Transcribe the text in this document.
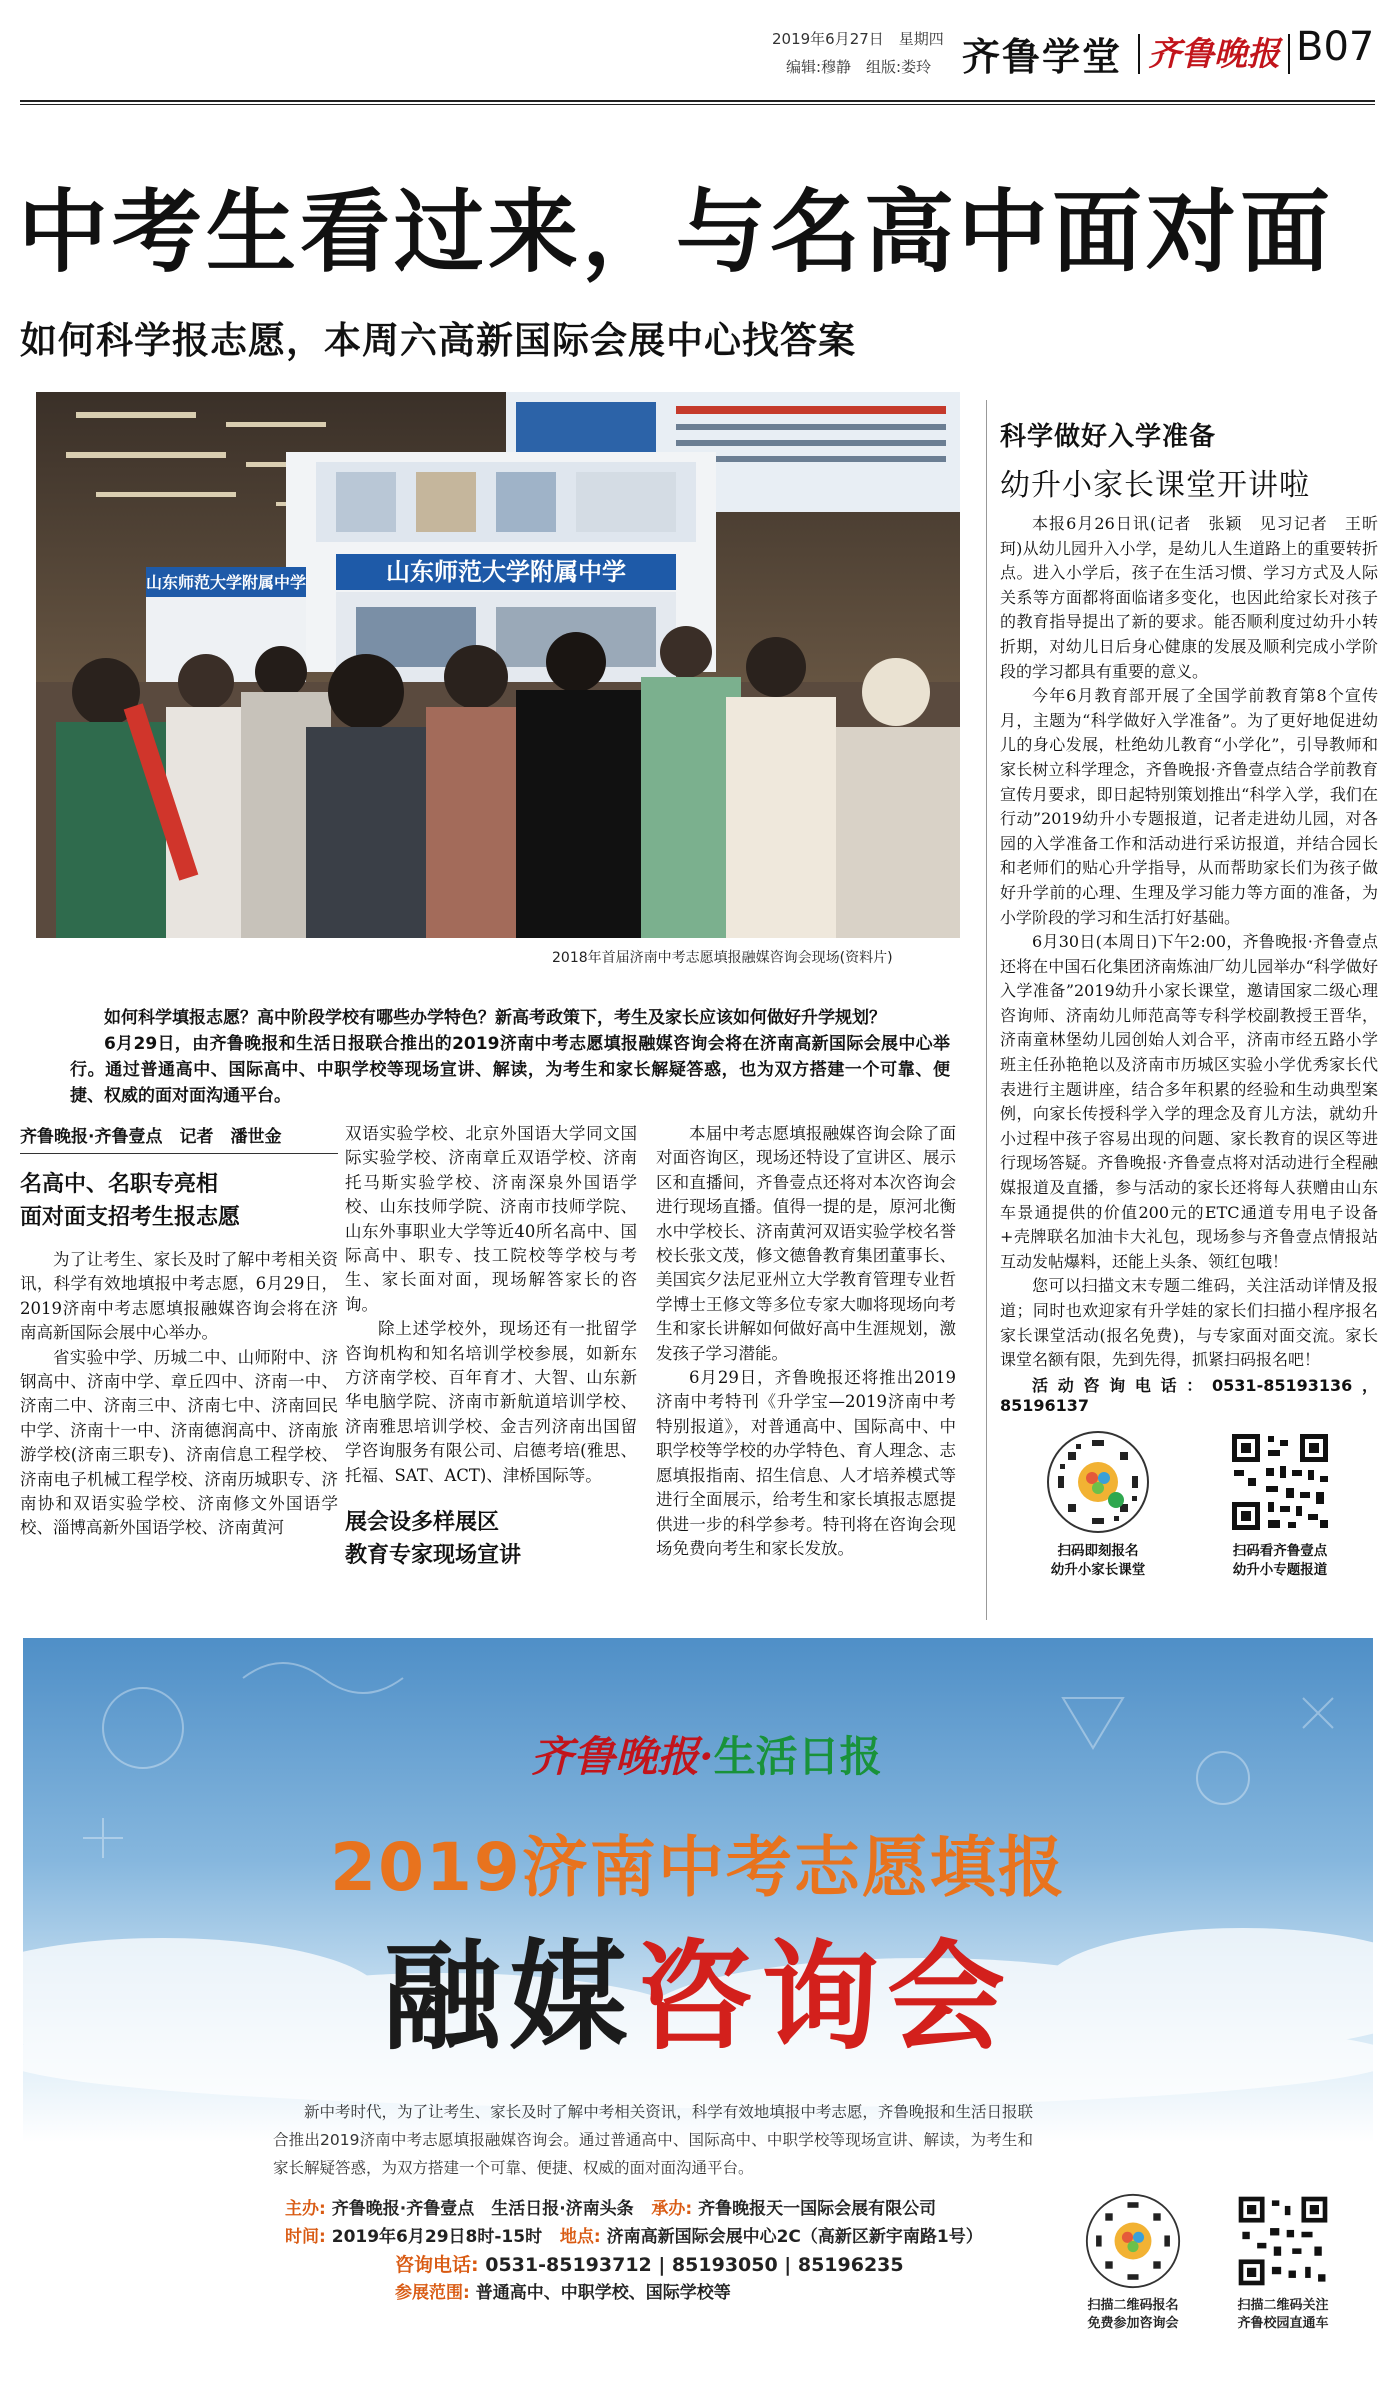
2019年6月27日　星期四
编辑:穆静　组版:娄玲 齐鲁学堂 齐鲁晚报 B07
中考生看过来，与名高中面对面
如何科学报志愿，本周六高新国际会展中心找答案
山东师范大学附属中学
山东师范大学附属中学
2018年首届济南中考志愿填报融媒咨询会现场(资料片)

如何科学填报志愿？高中阶段学校有哪些办学特色？新高考政策下，考生及家长应该如何做好升学规划？

6月29日，由齐鲁晚报和生活日报联合推出的2019济南中考志愿填报融媒咨询会将在济南高新国际会展中心举行。通过普通高中、国际高中、中职学校等现场宣讲、解读，为考生和家长解疑答惑，也为双方搭建一个可靠、便捷、权威的面对面沟通平台。

齐鲁晚报·齐鲁壹点　记者　潘世金
名高中、名职专亮相
面对面支招考生报志愿

为了让考生、家长及时了解中考相关资讯，科学有效地填报中考志愿，6月29日，2019济南中考志愿填报融媒咨询会将在济南高新国际会展中心举办。

省实验中学、历城二中、山师附中、济钢高中、济南中学、章丘四中、济南一中、济南二中、济南三中、济南七中、济南回民中学、济南十一中、济南德润高中、济南旅游学校(济南三职专)、济南信息工程学校、济南电子机械工程学校、济南历城职专、济南协和双语实验学校、济南修文外国语学校、淄博高新外国语学校、济南黄河

双语实验学校、北京外国语大学同文国际实验学校、济南章丘双语学校、济南托马斯实验学校、济南深泉外国语学校、山东技师学院、济南市技师学院、山东外事职业大学等近40所名高中、国际高中、职专、技工院校等学校与考生、家长面对面，现场解答家长的咨询。

除上述学校外，现场还有一批留学咨询机构和知名培训学校参展，如新东方济南学校、百年育才、大智、山东新华电脑学院、济南市新航道培训学校、济南雅思培训学校、金吉列济南出国留学咨询服务有限公司、启德考培(雅思、托福、SAT、ACT)、津桥国际等。

展会设多样展区
教育专家现场宣讲

本届中考志愿填报融媒咨询会除了面对面咨询区，现场还特设了宣讲区、展示区和直播间，齐鲁壹点还将对本次咨询会进行现场直播。值得一提的是，原河北衡水中学校长、济南黄河双语实验学校名誉校长张文茂，修文德鲁教育集团董事长、美国宾夕法尼亚州立大学教育管理专业哲学博士王修文等多位专家大咖将现场向考生和家长讲解如何做好高中生涯规划，激发孩子学习潜能。

6月29日，齐鲁晚报还将推出2019济南中考特刊《升学宝—2019济南中考特别报道》，对普通高中、国际高中、中职学校等学校的办学特色、育人理念、志愿填报指南、招生信息、人才培养模式等进行全面展示，给考生和家长填报志愿提供进一步的科学参考。特刊将在咨询会现场免费向考生和家长发放。

科学做好入学准备
幼升小家长课堂开讲啦

本报6月26日讯(记者　张颖　见习记者　王昕珂)从幼儿园升入小学，是幼儿人生道路上的重要转折点。进入小学后，孩子在生活习惯、学习方式及人际关系等方面都将面临诸多变化，也因此给家长对孩子的教育指导提出了新的要求。能否顺利度过幼升小转折期，对幼儿日后身心健康的发展及顺利完成小学阶段的学习都具有重要的意义。

今年6月教育部开展了全国学前教育第8个宣传月，主题为“科学做好入学准备”。为了更好地促进幼儿的身心发展，杜绝幼儿教育“小学化”，引导教师和家长树立科学理念，齐鲁晚报·齐鲁壹点结合学前教育宣传月要求，即日起特别策划推出“科学入学，我们在行动”2019幼升小专题报道，记者走进幼儿园，对各园的入学准备工作和活动进行采访报道，并结合园长和老师们的贴心升学指导，从而帮助家长们为孩子做好升学前的心理、生理及学习能力等方面的准备，为小学阶段的学习和生活打好基础。

6月30日(本周日)下午2:00，齐鲁晚报·齐鲁壹点还将在中国石化集团济南炼油厂幼儿园举办“科学做好入学准备”2019幼升小家长课堂，邀请国家二级心理咨询师、济南幼儿师范高等专科学校副教授王晋华，济南童林堡幼儿园创始人刘合平，济南市经五路小学班主任孙艳艳以及济南市历城区实验小学优秀家长代表进行主题讲座，结合多年积累的经验和生动典型案例，向家长传授科学入学的理念及育儿方法，就幼升小过程中孩子容易出现的问题、家长教育的误区等进行现场答疑。齐鲁晚报·齐鲁壹点将对活动进行全程融媒报道及直播，参与活动的家长还将每人获赠由山东车景通提供的价值200元的ETC通道专用电子设备+壳牌联名加油卡大礼包，现场参与齐鲁壹点情报站互动发帖爆料，还能上头条、领红包哦！

您可以扫描文末专题二维码，关注活动详情及报道；同时也欢迎家有升学娃的家长们扫描小程序报名家长课堂活动(报名免费)，与专家面对面交流。家长课堂名额有限，先到先得，抓紧扫码报名吧！

活动咨询电话：0531-85193136，85196137
扫码即刻报名
幼升小家长课堂
扫码看齐鲁壹点
幼升小专题报道
齐鲁晚报·生活日报
2019济南中考志愿填报
融媒咨询会

新中考时代，为了让考生、家长及时了解中考相关资讯，科学有效地填报中考志愿，齐鲁晚报和生活日报联合推出2019济南中考志愿填报融媒咨询会。通过普通高中、国际高中、中职学校等现场宣讲、解读，为考生和家长解疑答惑，为双方搭建一个可靠、便捷、权威的面对面沟通平台。

主办: 齐鲁晚报·齐鲁壹点　生活日报·济南头条 承办: 齐鲁晚报天一国际会展有限公司
时间: 2019年6月29日8时-15时 地点: 济南高新国际会展中心2C（高新区新宇南路1号）
咨询电话: 0531-85193712 | 85193050 | 85196235
参展范围: 普通高中、中职学校、国际学校等
扫描二维码报名
免费参加咨询会
扫描二维码关注
齐鲁校园直通车
